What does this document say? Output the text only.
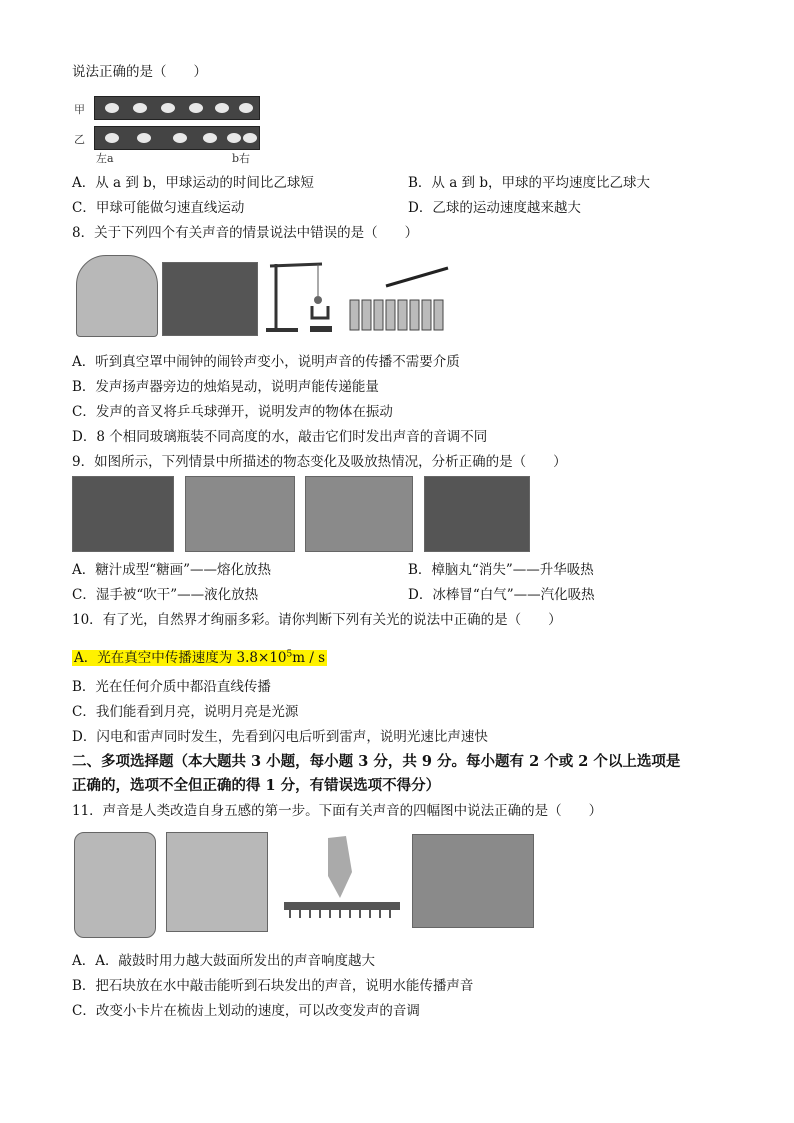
说法正确的是（　　）
甲
乙
左a	b右
A．从 a 到 b，甲球运动的时间比乙球短	B．从 a 到 b，甲球的平均速度比乙球大
C．甲球可能做匀速直线运动	D．乙球的运动速度越来越大
8．关于下列四个有关声音的情景说法中错误的是（　　）
A．听到真空罩中闹钟的闹铃声变小，说明声音的传播不需要介质
B．发声扬声器旁边的烛焰晃动，说明声能传递能量
C．发声的音叉将乒乓球弹开，说明发声的物体在振动
D．8 个相同玻璃瓶装不同高度的水，敲击它们时发出声音的音调不同
9．如图所示，下列情景中所描述的物态变化及吸放热情况，分析正确的是（　　）
A．糖汁成型“糖画”——熔化放热	B．樟脑丸“消失”——升华吸热
C．湿手被“吹干”——液化放热	D．冰棒冒“白气”——汽化吸热
10．有了光，自然界才绚丽多彩。请你判断下列有关光的说法中正确的是（　　）
A．光在真空中传播速度为 $3.8\times 10^5m / s$
B．光在任何介质中都沿直线传播
C．我们能看到月亮，说明月亮是光源
D．闪电和雷声同时发生，先看到闪电后听到雷声，说明光速比声速快
二、多项选择题（本大题共 3 小题，每小题 3 分，共 9 分。每小题有 2 个或 2 个以上选项是
正确的，选项不全但正确的得 1 分，有错误选项不得分）
11．声音是人类改造自身五感的第一步。下面有关声音的四幅图中说法正确的是（　　）
A．A．敲鼓时用力越大鼓面所发出的声音响度越大
B．把石块放在水中敲击能听到石块发出的声音，说明水能传播声音
C．改变小卡片在梳齿上划动的速度，可以改变发声的音调
